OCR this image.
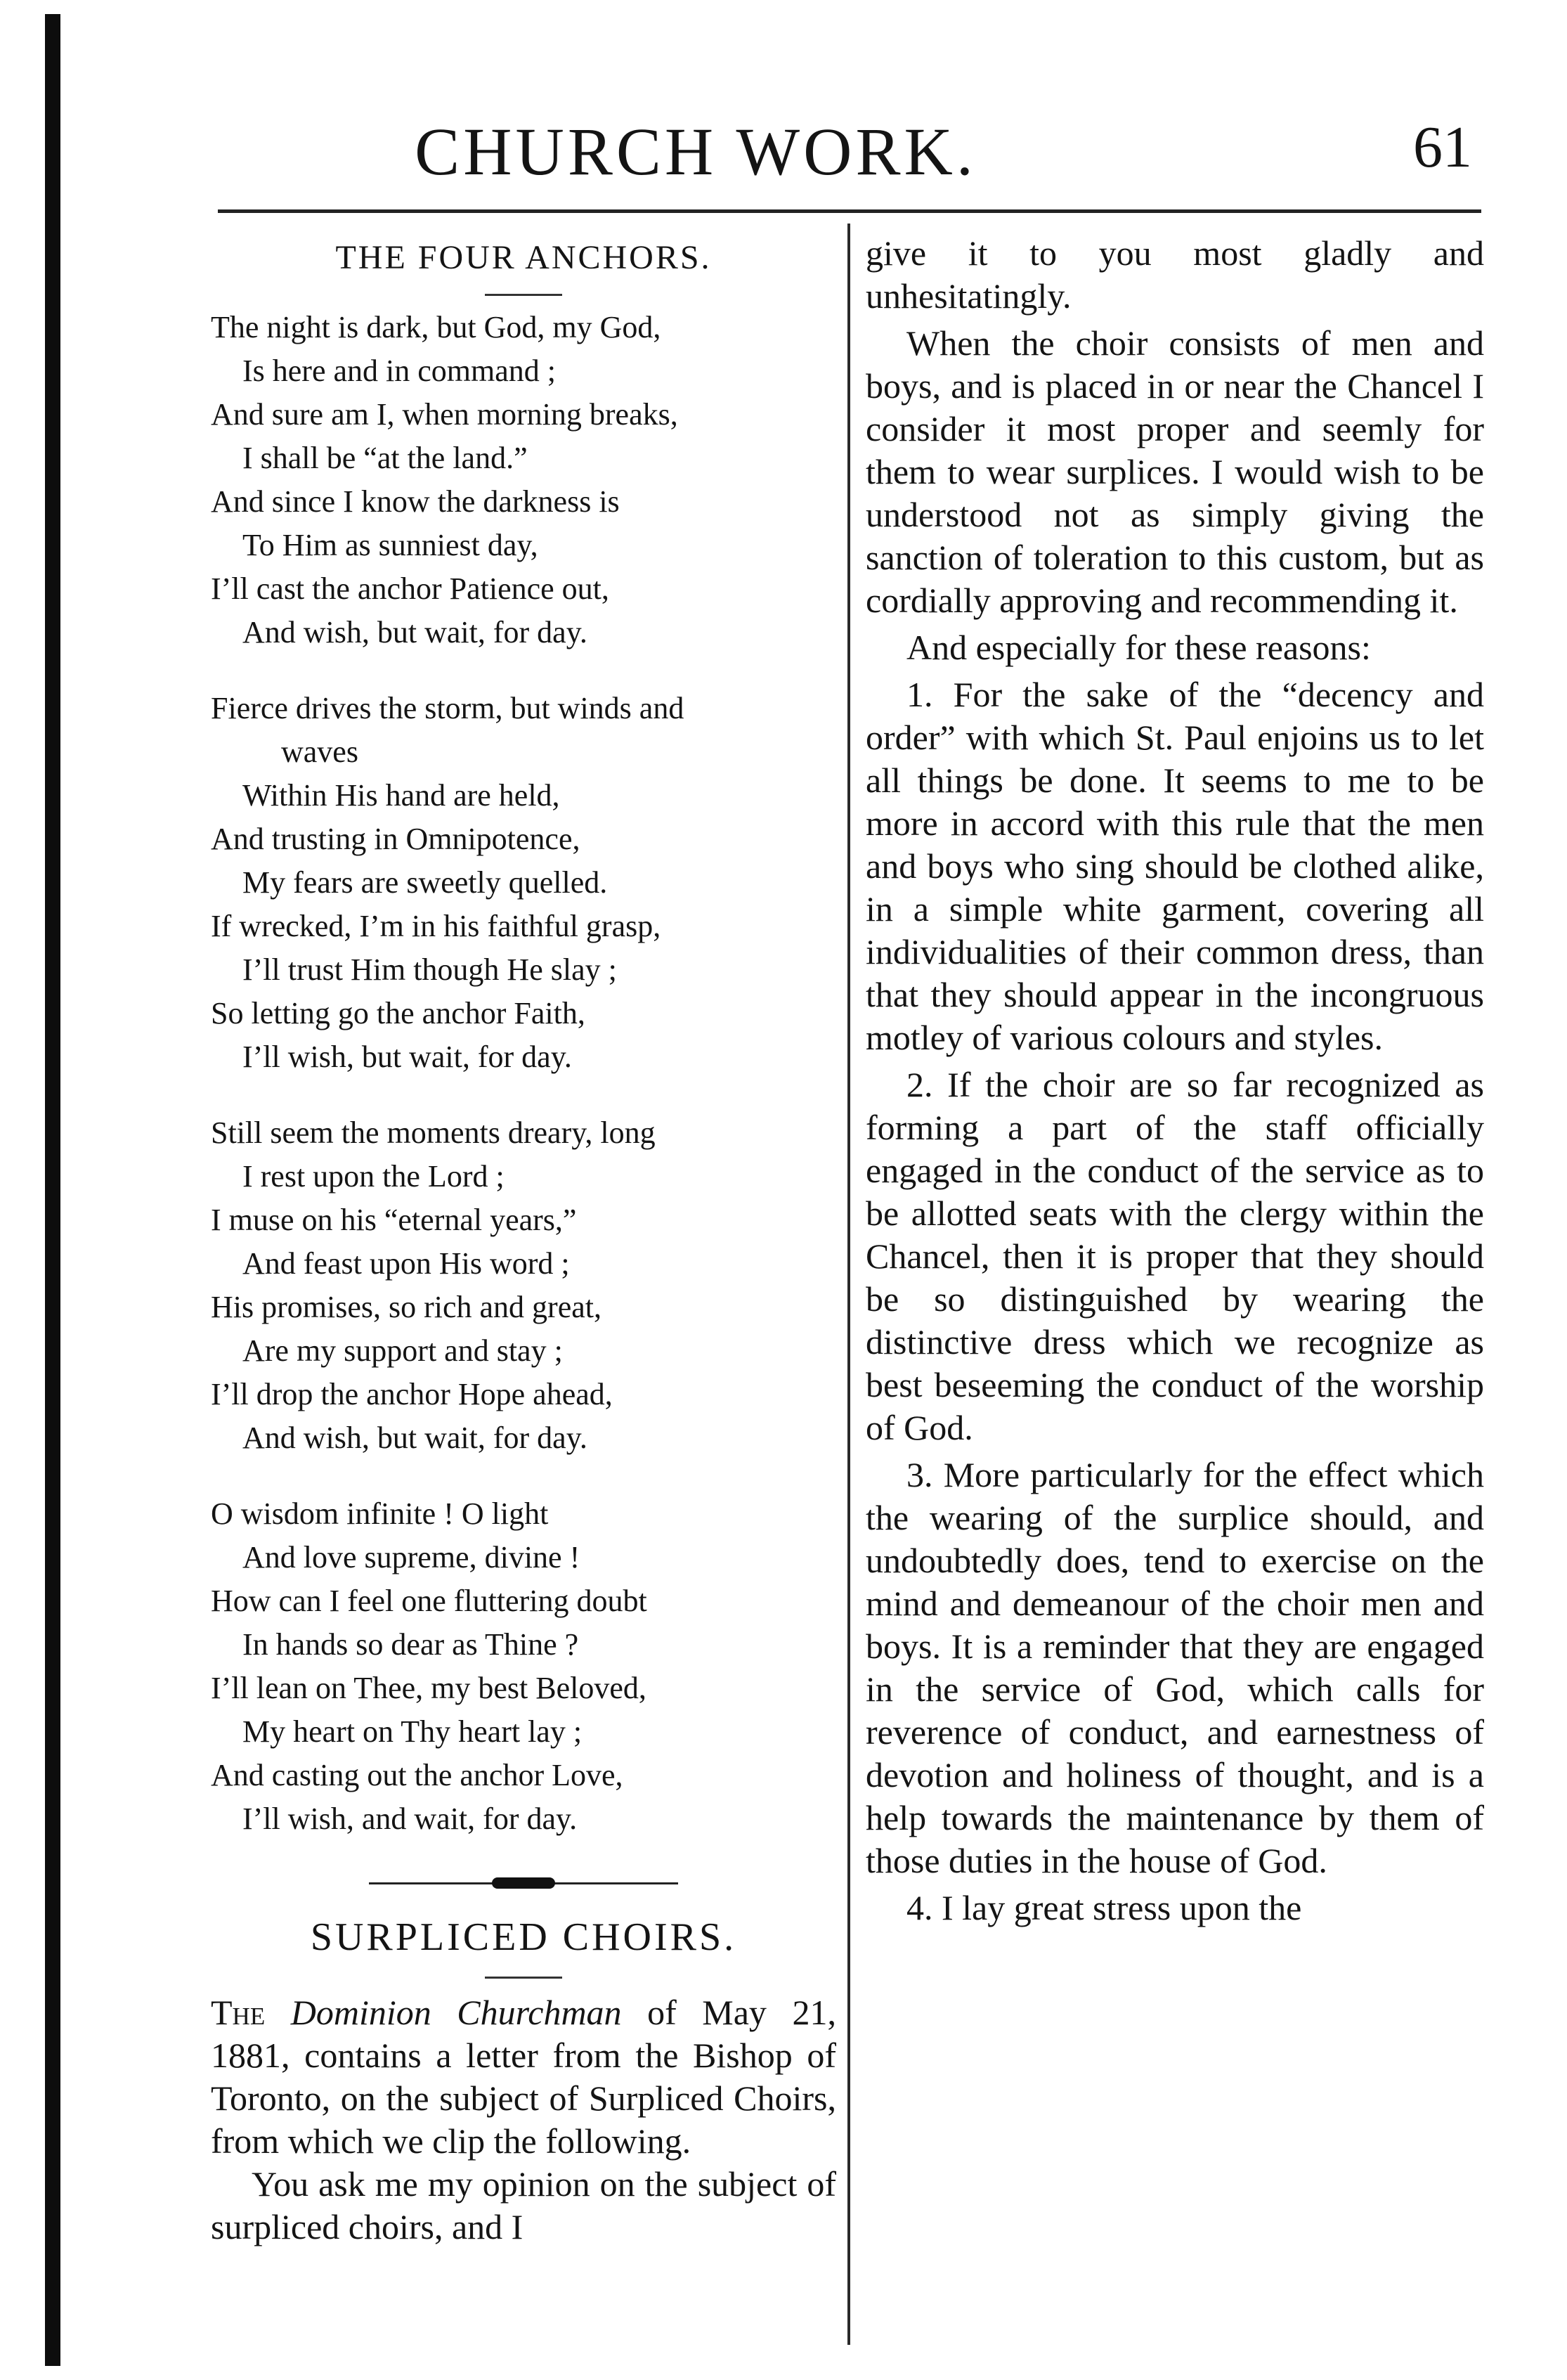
CHURCH WORK.	61
THE FOUR ANCHORS.
The night is dark, but God, my God,
Is here and in command ;
And sure am I, when morning breaks,
I shall be “at the land.”
And since I know the darkness is
To Him as sunniest day,
I’ll cast the anchor Patience out,
And wish, but wait, for day.
Fierce drives the storm, but winds and
waves
Within His hand are held,
And trusting in Omnipotence,
My fears are sweetly quelled.
If wrecked, I’m in his faithful grasp,
I’ll trust Him though He slay ;
So letting go the anchor Faith,
I’ll wish, but wait, for day.
Still seem the moments dreary, long
I rest upon the Lord ;
I muse on his “eternal years,”
And feast upon His word ;
His promises, so rich and great,
Are my support and stay ;
I’ll drop the anchor Hope ahead,
And wish, but wait, for day.
O wisdom infinite ! O light
And love supreme, divine !
How can I feel one fluttering doubt
In hands so dear as Thine ?
I’ll lean on Thee, my best Beloved,
My heart on Thy heart lay ;
And casting out the anchor Love,
I’ll wish, and wait, for day.
SURPLICED CHOIRS.

The Dominion Churchman of May 21, 1881, contains a letter from the Bishop of Toronto, on the subject of Surpliced Choirs, from which we clip the following.

You ask me my opinion on the subject of surpliced choirs, and I

give it to you most gladly and unhesitatingly.

When the choir consists of men and boys, and is placed in or near the Chancel I consider it most proper and seemly for them to wear surplices. I would wish to be understood not as simply giving the sanction of toleration to this custom, but as cordially approving and recommending it.

And especially for these reasons:

1. For the sake of the “decency and order” with which St. Paul enjoins us to let all things be done. It seems to me to be more in accord with this rule that the men and boys who sing should be clothed alike, in a simple white garment, covering all individualities of their common dress, than that they should appear in the incongruous motley of various colours and styles.

2. If the choir are so far recognized as forming a part of the staff officially engaged in the conduct of the service as to be allotted seats with the clergy within the Chancel, then it is proper that they should be so distinguished by wearing the distinctive dress which we recognize as best beseeming the conduct of the worship of God.

3. More particularly for the effect which the wearing of the surplice should, and undoubtedly does, tend to exercise on the mind and demeanour of the choir men and boys. It is a reminder that they are engaged in the service of God, which calls for reverence of conduct, and earnestness of devotion and holiness of thought, and is a help towards the maintenance by them of those duties in the house of God.

4. I lay great stress upon the
